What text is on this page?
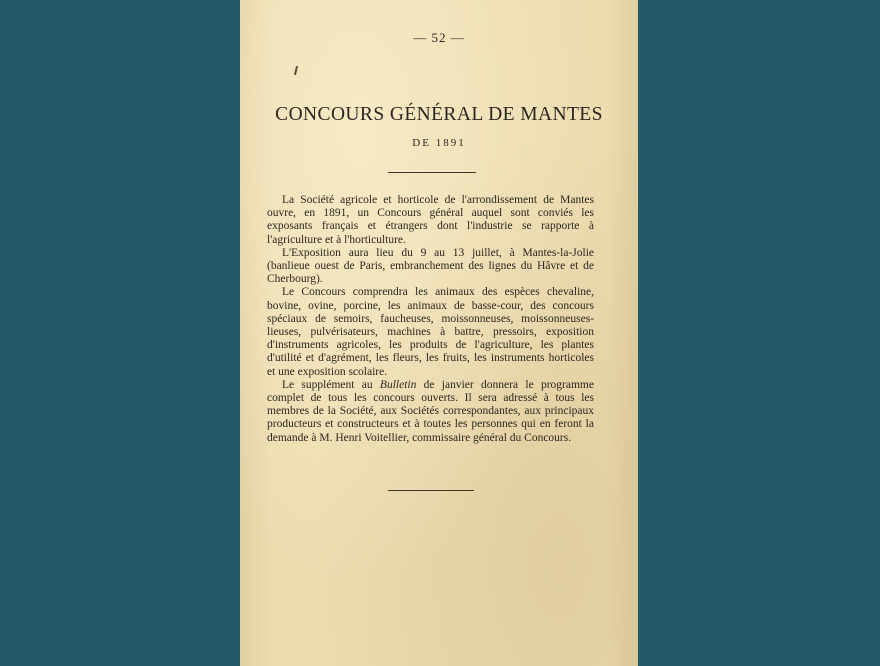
— 52 —
CONCOURS GÉNÉRAL DE MANTES
DE 1891

La Société agricole et horticole de l'arrondissement de Mantes ouvre, en 1891, un Concours général auquel sont conviés les exposants français et étrangers dont l'industrie se rapporte à l'agriculture et à l'horticulture.

L'Exposition aura lieu du 9 au 13 juillet, à Mantes-la-Jolie (banlieue ouest de Paris, embranchement des lignes du Hâvre et de Cherbourg).

Le Concours comprendra les animaux des espèces chevaline, bovine, ovine, porcine, les animaux de basse-cour, des concours spéciaux de semoirs, faucheuses, moissonneuses, moissonneuses-lieuses, pulvérisateurs, machines à battre, pressoirs, exposition d'instruments agricoles, les produits de l'agriculture, les plantes d'utilité et d'agrément, les fleurs, les fruits, les instruments horticoles et une exposition scolaire.

Le supplément au Bulletin de janvier donnera le programme complet de tous les concours ouverts. Il sera adressé à tous les membres de la Société, aux Sociétés correspondantes, aux principaux producteurs et constructeurs et à toutes les personnes qui en feront la demande à M. Henri Voitellier, commissaire général du Concours.
